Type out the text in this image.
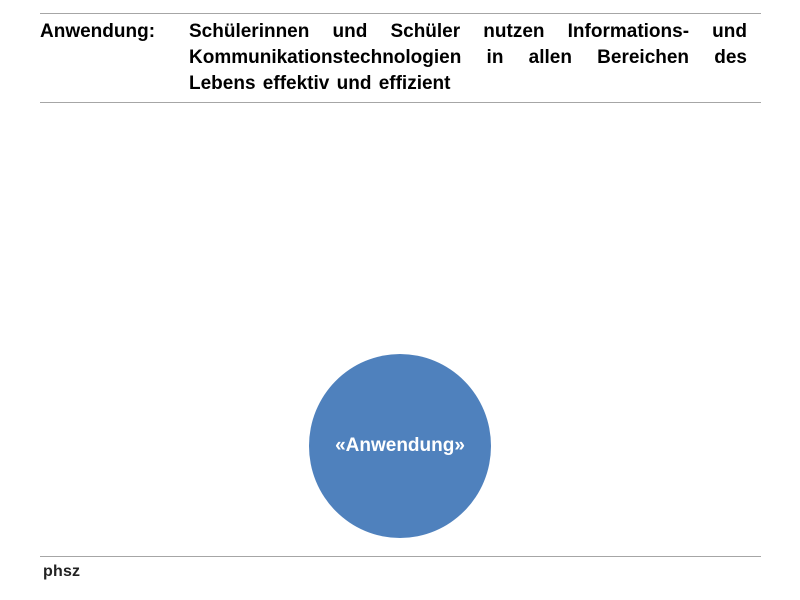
Anwendung: Schülerinnen und Schüler nutzen Informations- und
Kommunikationstechnologien in allen Bereichen des
Lebens effektiv und effizient
«Anwendung»
phsz
